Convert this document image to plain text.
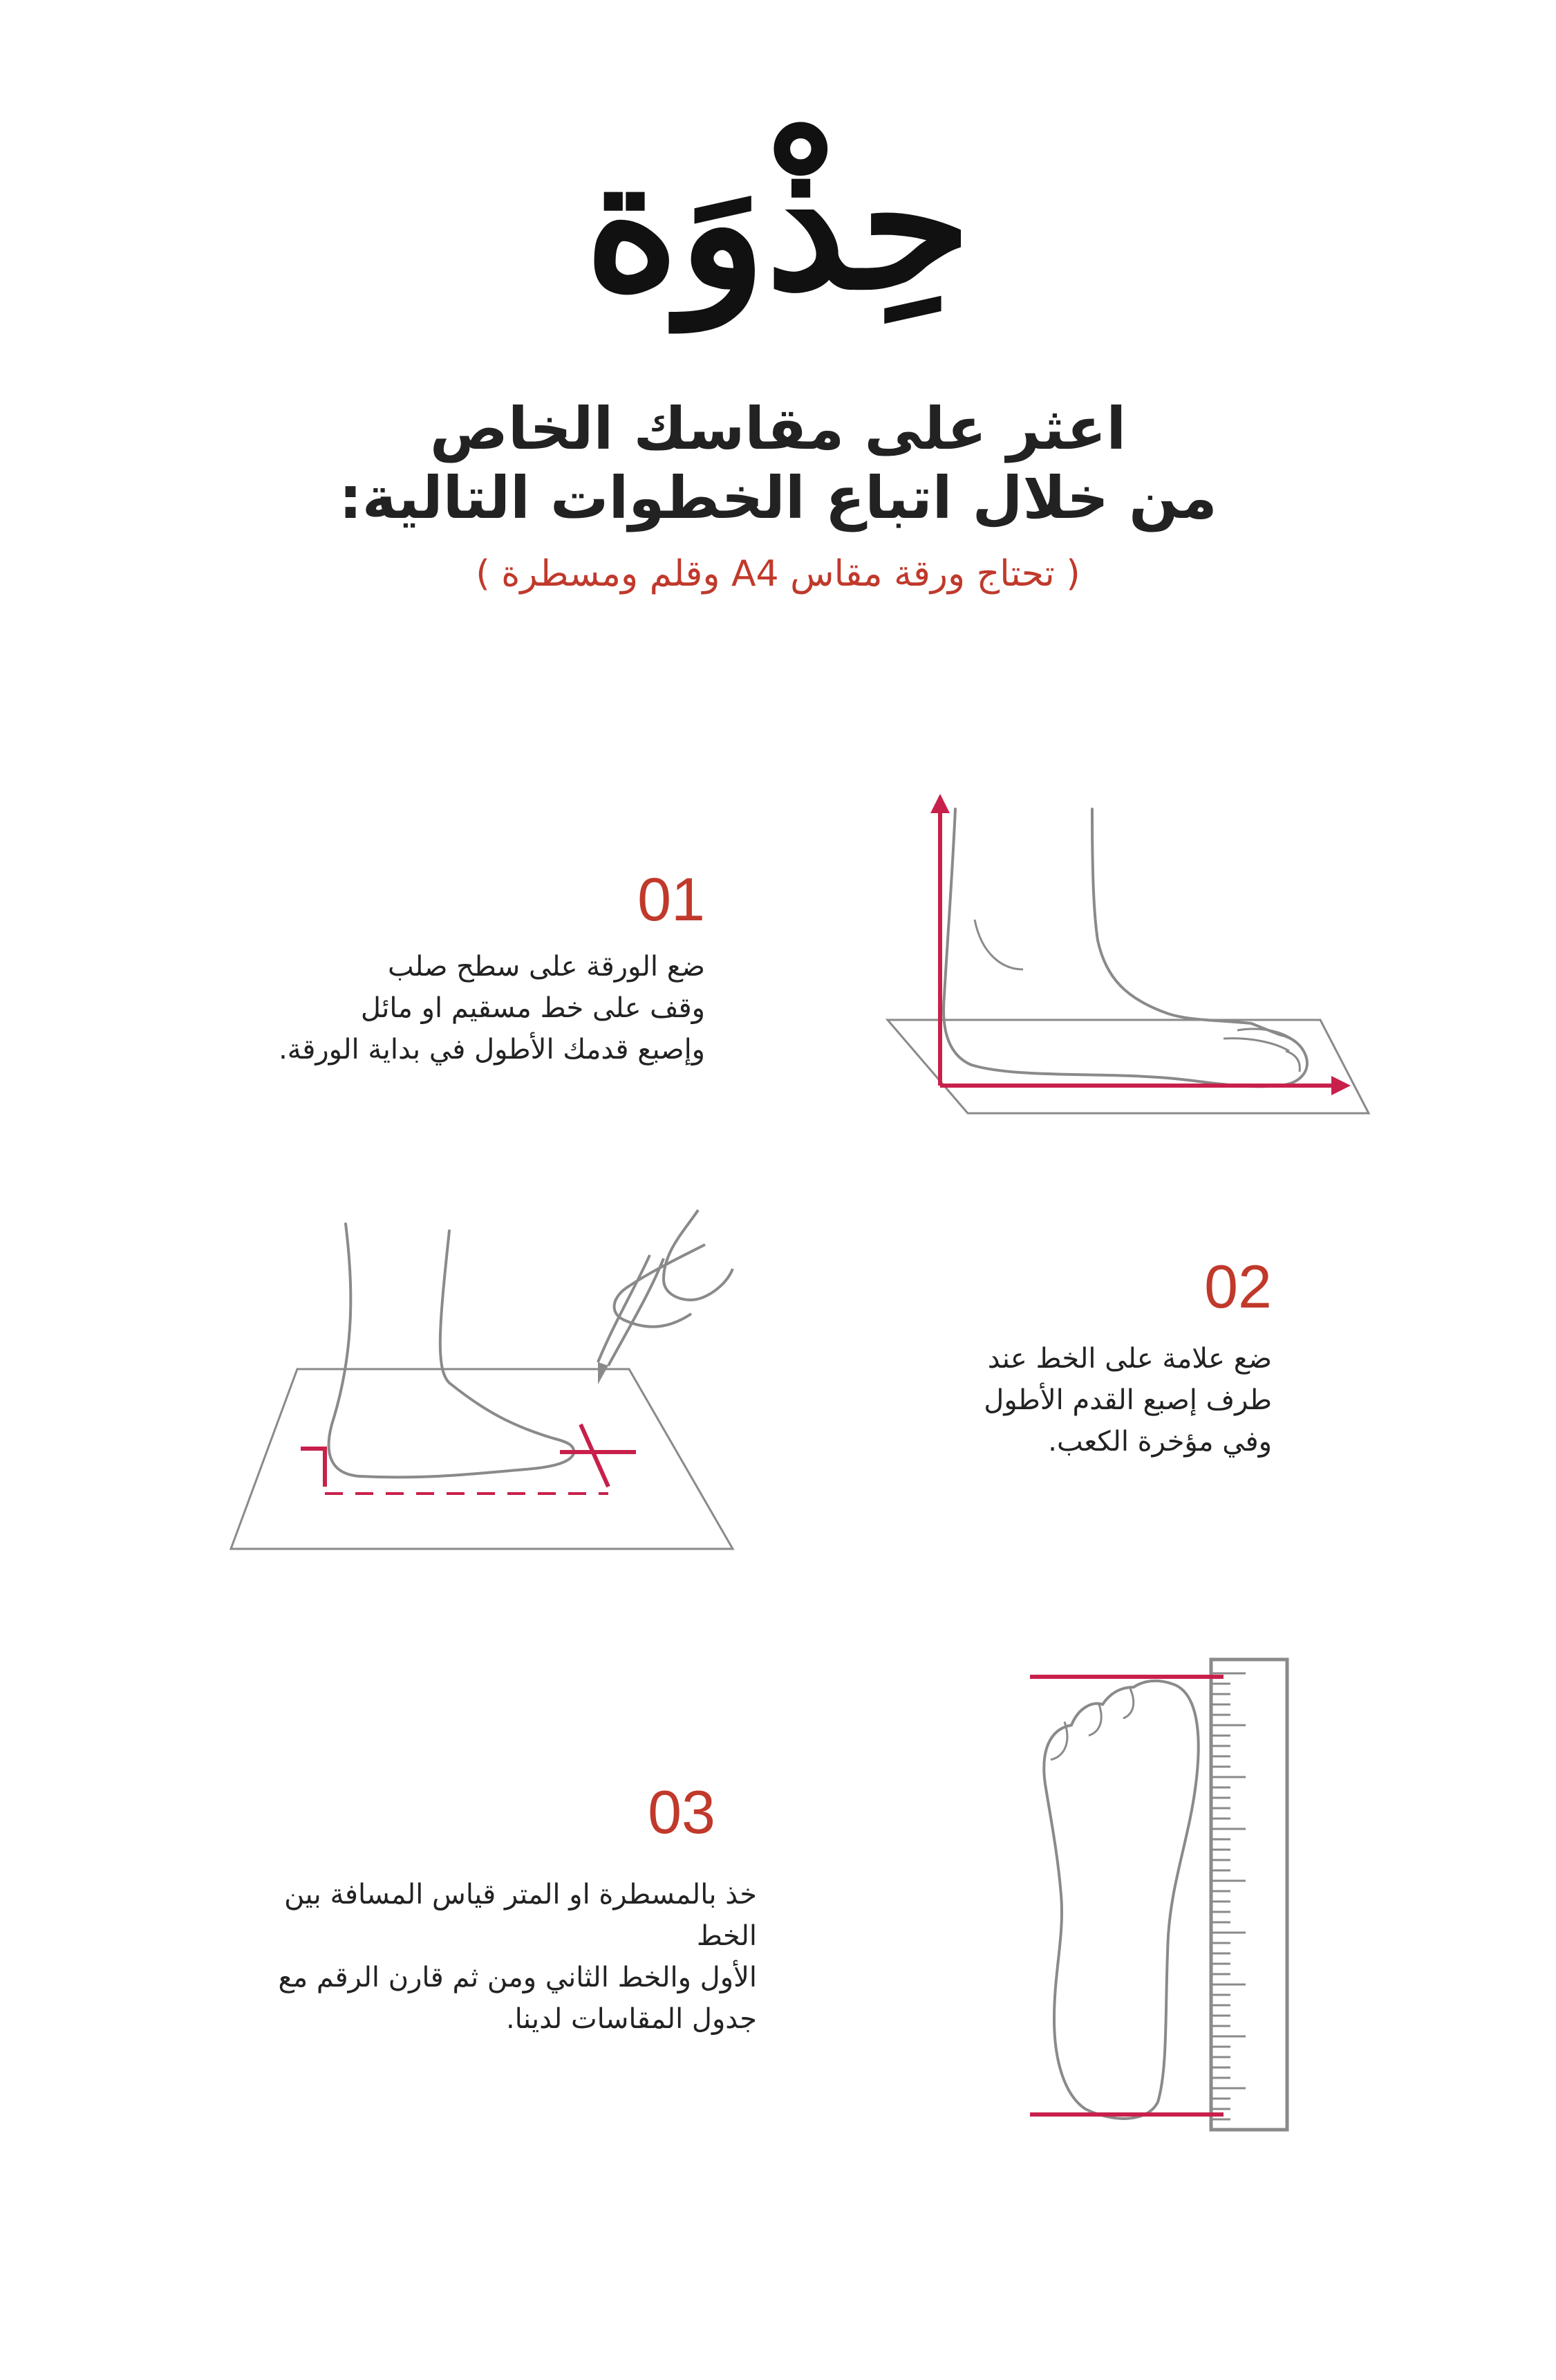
حِذْوَة
اعثر على مقاسك الخاص
من خلال اتباع الخطوات التالية:
( تحتاج ورقة مقاس A4 وقلم ومسطرة )
01
ضع الورقة على سطح صلب
وقف على خط مسقيم او مائل
وإصبع قدمك الأطول في بداية الورقة.
02
ضع علامة على الخط عند
طرف إصبع القدم الأطول
وفي مؤخرة الكعب.
03
خذ بالمسطرة او المتر قياس المسافة بين الخط
الأول والخط الثاني ومن ثم قارن الرقم مع
جدول المقاسات لدينا.
